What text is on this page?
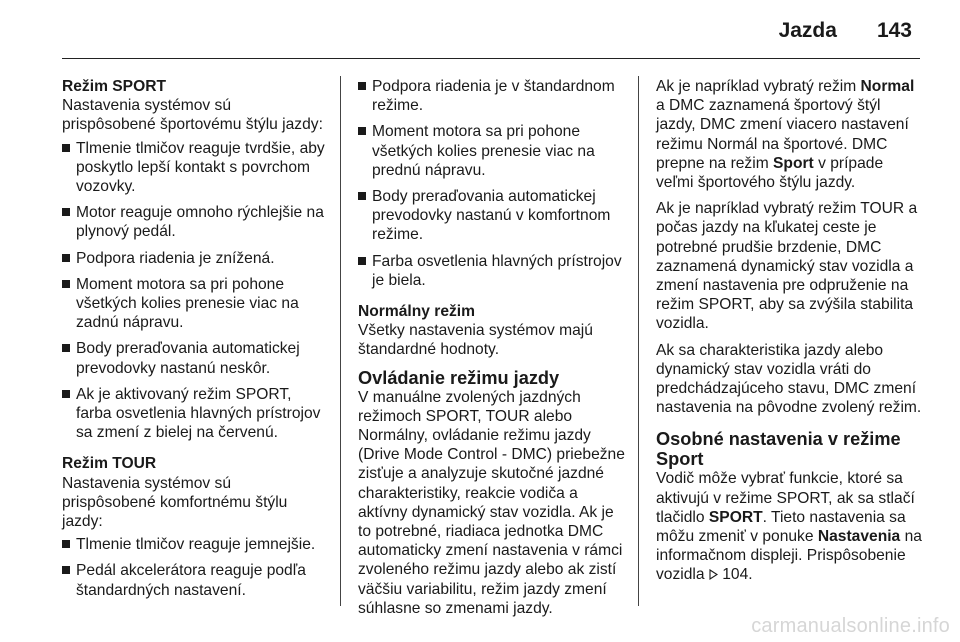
Jazda 143
Režim SPORT

Nastavenia systémov sú prispôsobené športovému štýlu jazdy:

Tlmenie tlmičov reaguje tvrdšie, aby poskytlo lepší kontakt s povrchom vozovky.
Motor reaguje omnoho rýchlejšie na plynový pedál.
Podpora riadenia je znížená.
Moment motora sa pri pohone všetkých kolies prenesie viac na zadnú nápravu.
Body preraďovania automatickej prevodovky nastanú neskôr.
Ak je aktivovaný režim SPORT, farba osvetlenia hlavných prístrojov sa zmení z bielej na červenú.
Režim TOUR

Nastavenia systémov sú prispôsobené komfortnému štýlu jazdy:

Tlmenie tlmičov reaguje jemnejšie.
Pedál akcelerátora reaguje podľa štandardných nastavení.
Podpora riadenia je v štandardnom režime.
Moment motora sa pri pohone všetkých kolies prenesie viac na prednú nápravu.
Body preraďovania automatickej prevodovky nastanú v komfortnom režime.
Farba osvetlenia hlavných prístrojov je biela.
Normálny režim

Všetky nastavenia systémov majú štandardné hodnoty.

Ovládanie režimu jazdy

V manuálne zvolených jazdných režimoch SPORT, TOUR alebo Normálny, ovládanie režimu jazdy (Drive Mode Control - DMC) priebežne zisťuje a analyzuje skutočné jazdné charakteristiky, reakcie vodiča a aktívny dynamický stav vozidla. Ak je to potrebné, riadiaca jednotka DMC automaticky zmení nastavenia v rámci zvoleného režimu jazdy alebo ak zistí väčšiu variabilitu, režim jazdy zmení súhlasne so zmenami jazdy.

Ak je napríklad vybratý režim Normal a DMC zaznamená športový štýl jazdy, DMC zmení viacero nastavení režimu Normál na športové. DMC prepne na režim Sport v prípade veľmi športového štýlu jazdy.

Ak je napríklad vybratý režim TOUR a počas jazdy na kľukatej ceste je potrebné prudšie brzdenie, DMC zaznamená dynamický stav vozidla a zmení nastavenia pre odpruženie na režim SPORT, aby sa zvýšila stabilita vozidla.

Ak sa charakteristika jazdy alebo dynamický stav vozidla vráti do predchádzajúceho stavu, DMC zmení nastavenia na pôvodne zvolený režim.

Osobné nastavenia v režime Sport

Vodič môže vybrať funkcie, ktoré sa aktivujú v režime SPORT, ak sa stlačí tlačidlo SPORT. Tieto nastavenia sa môžu zmeniť v ponuke Nastavenia na informačnom displeji. Prispôsobenie vozidla 104.

carmanualsonline.info
